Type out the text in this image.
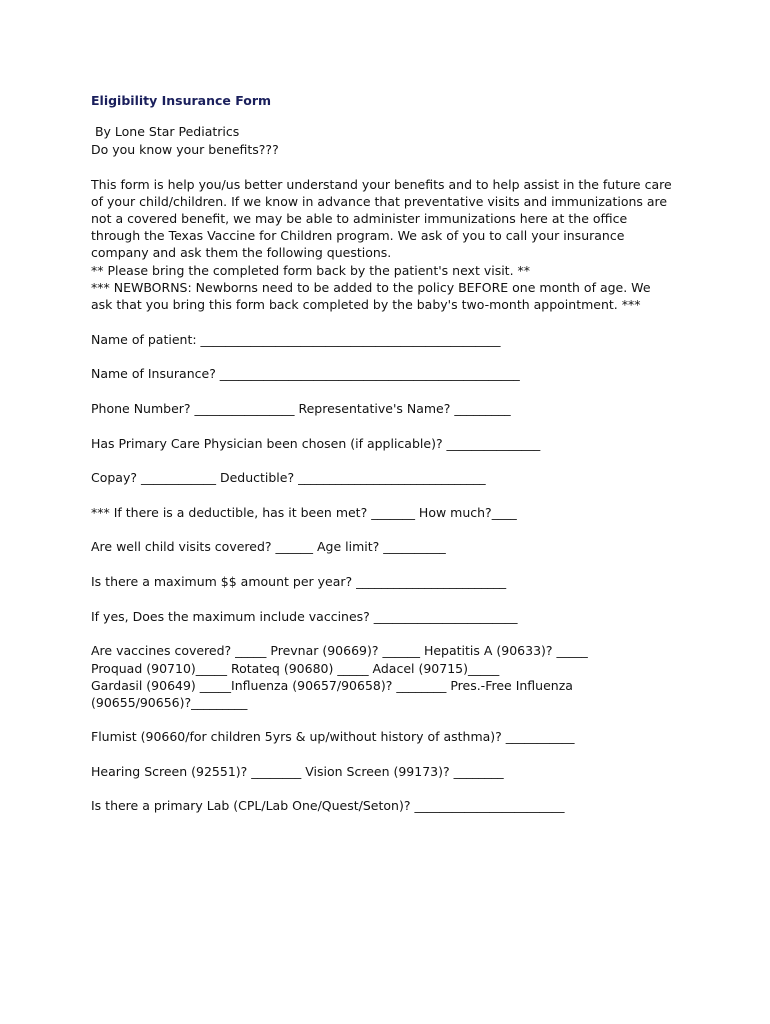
Eligibility Insurance Form
By Lone Star Pediatrics
Do you know your benefits???
This form is help you/us better understand your benefits and to help assist in the future care
of your child/children. If we know in advance that preventative visits and immunizations are
not a covered benefit, we may be able to administer immunizations here at the office
through the Texas Vaccine for Children program. We ask of you to call your insurance
company and ask them the following questions.
** Please bring the completed form back by the patient's next visit. **
*** NEWBORNS: Newborns need to be added to the policy BEFORE one month of age. We
ask that you bring this form back completed by the baby's two-month appointment. ***
Name of patient: ________________________________________________
Name of Insurance? ________________________________________________
Phone Number? ________________ Representative's Name? _________
Has Primary Care Physician been chosen (if applicable)? _______________
Copay? ____________ Deductible? ______________________________
*** If there is a deductible, has it been met? _______ How much?____
Are well child visits covered? ______ Age limit? __________
Is there a maximum $$ amount per year? ________________________
If yes, Does the maximum include vaccines? _______________________
Are vaccines covered? _____ Prevnar (90669)? ______ Hepatitis A (90633)? _____
Proquad (90710)_____ Rotateq (90680) _____ Adacel (90715)_____
Gardasil (90649) _____Influenza (90657/90658)? ________ Pres.-Free Influenza
(90655/90656)?_________
Flumist (90660/for children 5yrs & up/without history of asthma)? ___________
Hearing Screen (92551)? ________ Vision Screen (99173)? ________
Is there a primary Lab (CPL/Lab One/Quest/Seton)? ________________________
